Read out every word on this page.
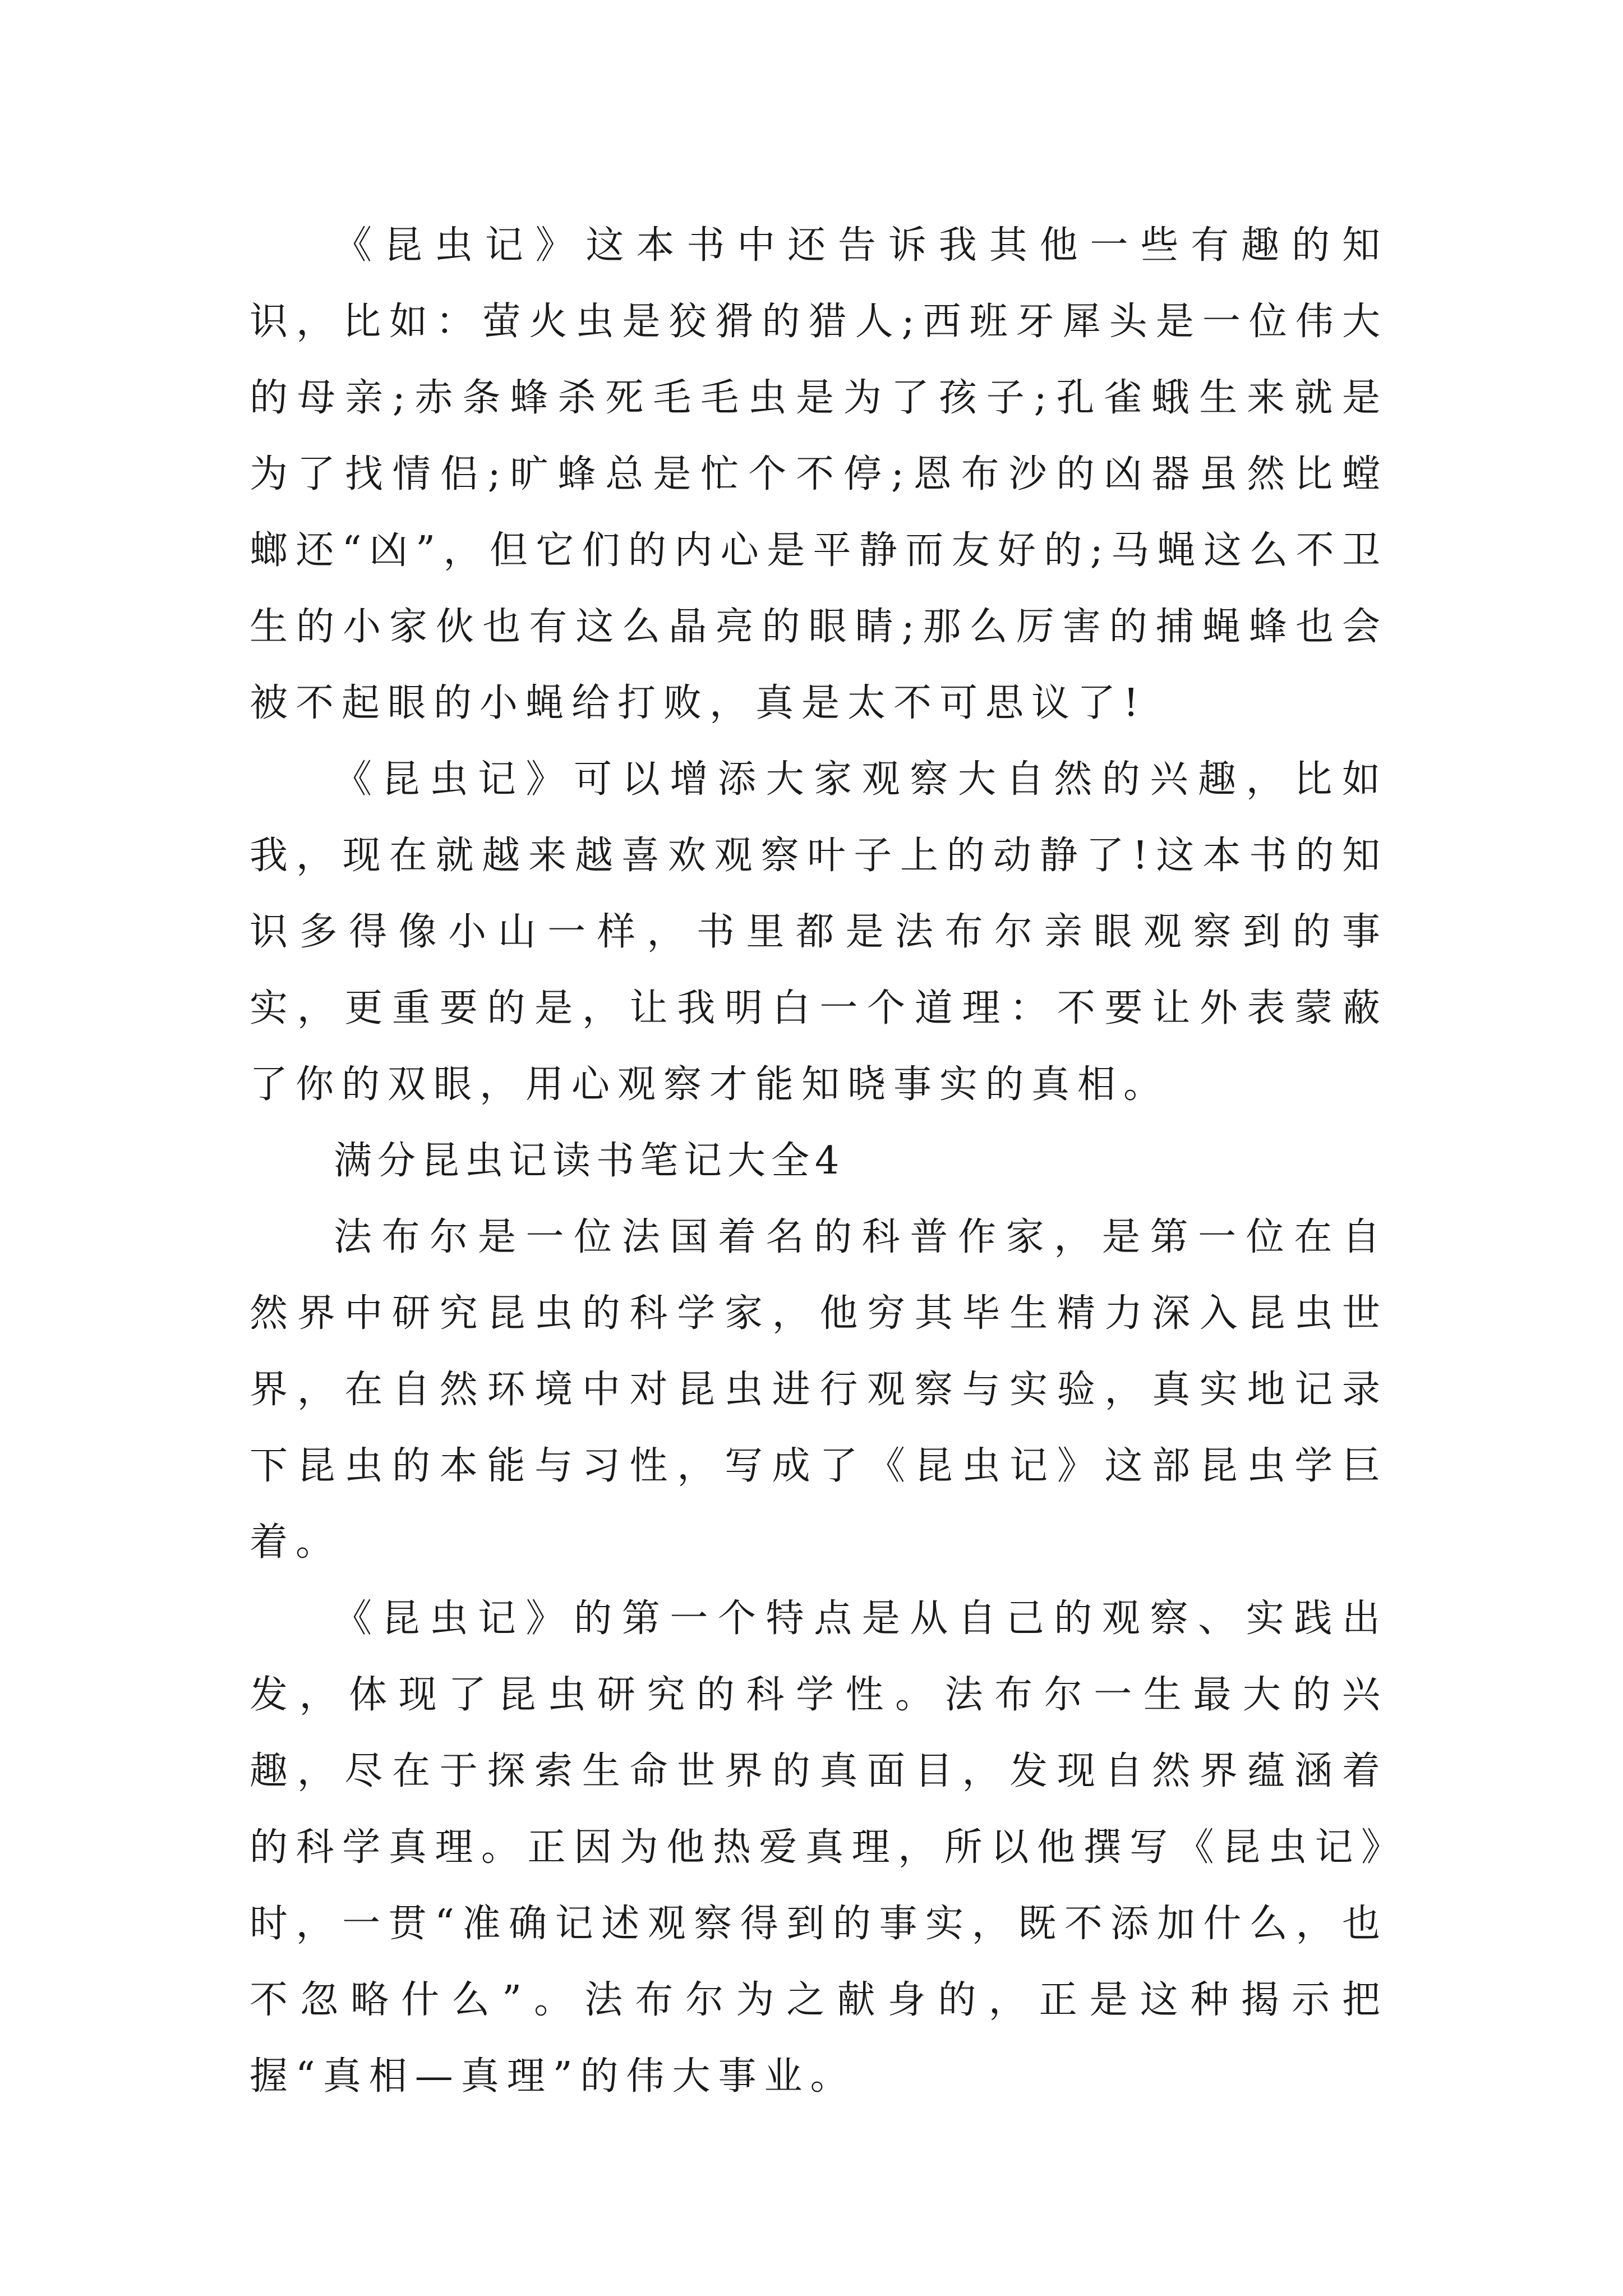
《昆虫记》这本书中还告诉我其他一些有趣的知识，比如：萤火虫是狡猾的猎人;西班牙犀头是一位伟大的母亲;赤条蜂杀死毛毛虫是为了孩子;孔雀蛾生来就是为了找情侣;旷蜂总是忙个不停;恩布沙的凶器虽然比螳螂还“凶”，但它们的内心是平静而友好的;马蝇这么不卫生的小家伙也有这么晶亮的眼睛;那么厉害的捕蝇蜂也会被不起眼的小蝇给打败，真是太不可思议了!

《昆虫记》可以增添大家观察大自然的兴趣，比如我，现在就越来越喜欢观察叶子上的动静了!这本书的知识多得像小山一样，书里都是法布尔亲眼观察到的事实，更重要的是，让我明白一个道理：不要让外表蒙蔽了你的双眼，用心观察才能知晓事实的真相。

满分昆虫记读书笔记大全4

法布尔是一位法国着名的科普作家，是第一位在自然界中研究昆虫的科学家，他穷其毕生精力深入昆虫世界，在自然环境中对昆虫进行观察与实验，真实地记录下昆虫的本能与习性，写成了《昆虫记》这部昆虫学巨着。

《昆虫记》的第一个特点是从自己的观察、实践出发，体现了昆虫研究的科学性。法布尔一生最大的兴趣，尽在于探索生命世界的真面目，发现自然界蕴涵着的科学真理。正因为他热爱真理，所以他撰写《昆虫记》时，一贯“准确记述观察得到的事实，既不添加什么，也不忽略什么”。法布尔为之献身的，正是这种揭示把握“真相—真理”的伟大事业。
